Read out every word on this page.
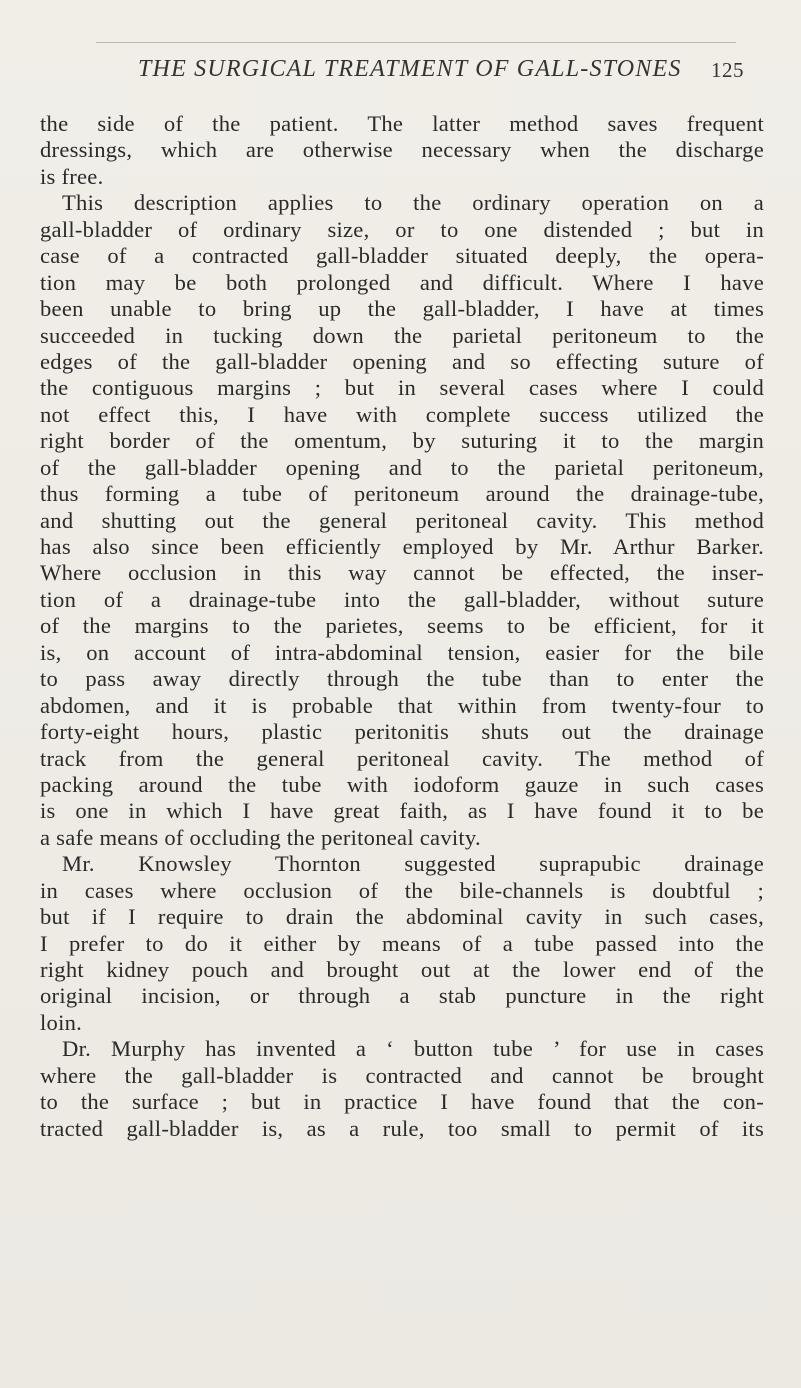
THE SURGICAL TREATMENT OF GALL-STONES 125
the side of the patient. The latter method saves frequent
dressings, which are otherwise necessary when the discharge
is free.
This description applies to the ordinary operation on a
gall-bladder of ordinary size, or to one distended ; but in
case of a contracted gall-bladder situated deeply, the opera-
tion may be both prolonged and difficult. Where I have
been unable to bring up the gall-bladder, I have at times
succeeded in tucking down the parietal peritoneum to the
edges of the gall-bladder opening and so effecting suture of
the contiguous margins ; but in several cases where I could
not effect this, I have with complete success utilized the
right border of the omentum, by suturing it to the margin
of the gall-bladder opening and to the parietal peritoneum,
thus forming a tube of peritoneum around the drainage-tube,
and shutting out the general peritoneal cavity. This method
has also since been efficiently employed by Mr. Arthur Barker.
Where occlusion in this way cannot be effected, the inser-
tion of a drainage-tube into the gall-bladder, without suture
of the margins to the parietes, seems to be efficient, for it
is, on account of intra-abdominal tension, easier for the bile
to pass away directly through the tube than to enter the
abdomen, and it is probable that within from twenty-four to
forty-eight hours, plastic peritonitis shuts out the drainage
track from the general peritoneal cavity. The method of
packing around the tube with iodoform gauze in such cases
is one in which I have great faith, as I have found it to be
a safe means of occluding the peritoneal cavity.
Mr. Knowsley Thornton suggested suprapubic drainage
in cases where occlusion of the bile-channels is doubtful ;
but if I require to drain the abdominal cavity in such cases,
I prefer to do it either by means of a tube passed into the
right kidney pouch and brought out at the lower end of the
original incision, or through a stab puncture in the right
loin.
Dr. Murphy has invented a ‘ button tube ’ for use in cases
where the gall-bladder is contracted and cannot be brought
to the surface ; but in practice I have found that the con-
tracted gall-bladder is, as a rule, too small to permit of its
